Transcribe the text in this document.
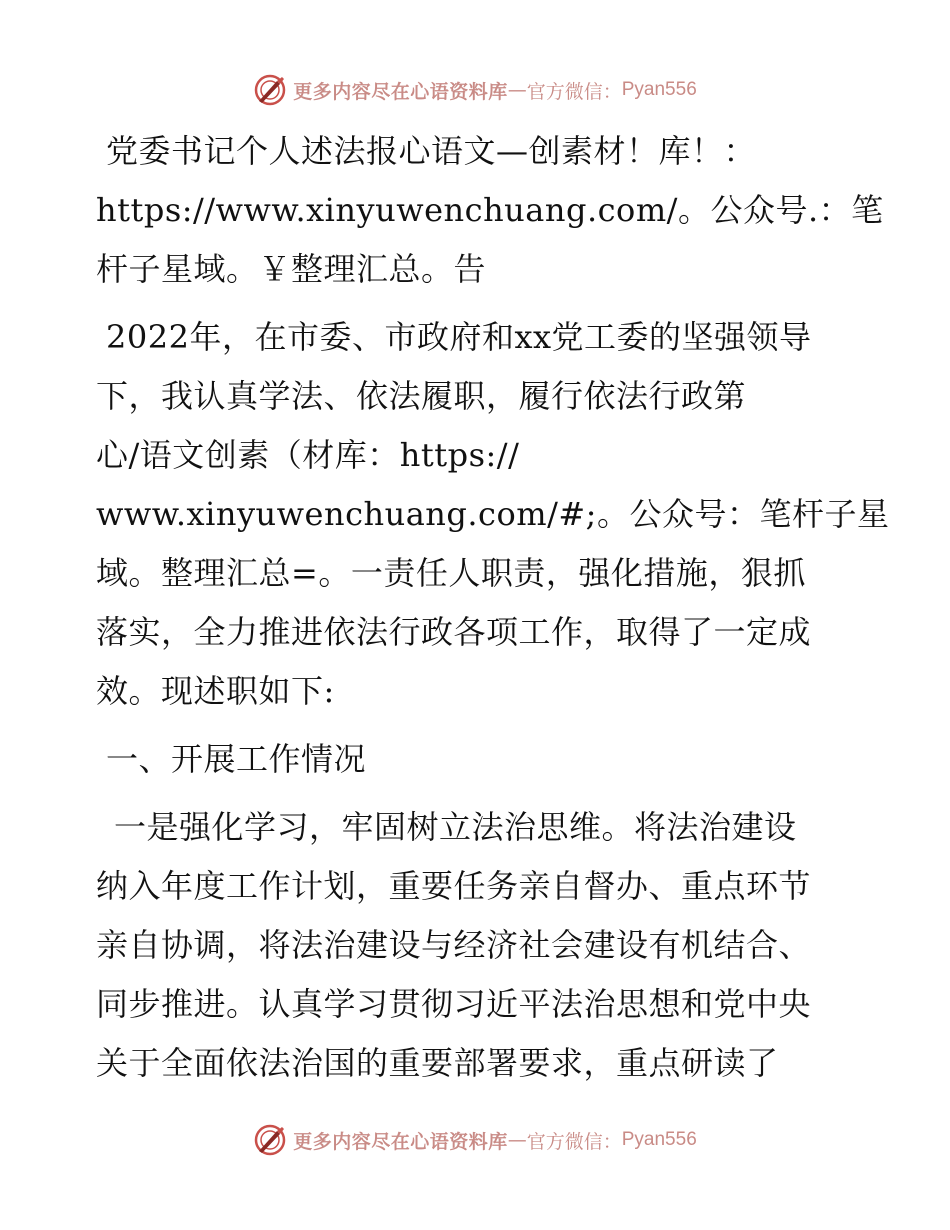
更多内容尽在心语资料库 — 官方微信： Pyan556
党委书记个人述法报心语文—创素材！库！：
https://www.xinyuwenchuang.com/。公众号.：笔
杆子星域。￥整理汇总。告
2022年，在市委、市政府和xx党工委的坚强领导
下，我认真学法、依法履职，履行依法行政第
心/语文创素（材库：https://
www.xinyuwenchuang.com/#;。公众号：笔杆子星
域。整理汇总=。一责任人职责，强化措施，狠抓
落实，全力推进依法行政各项工作，取得了一定成
效。现述职如下:
一、开展工作情况
一是强化学习，牢固树立法治思维。将法治建设
纳入年度工作计划，重要任务亲自督办、重点环节
亲自协调，将法治建设与经济社会建设有机结合、
同步推进。认真学习贯彻习近平法治思想和党中央
关于全面依法治国的重要部署要求，重点研读了
更多内容尽在心语资料库 — 官方微信： Pyan556
